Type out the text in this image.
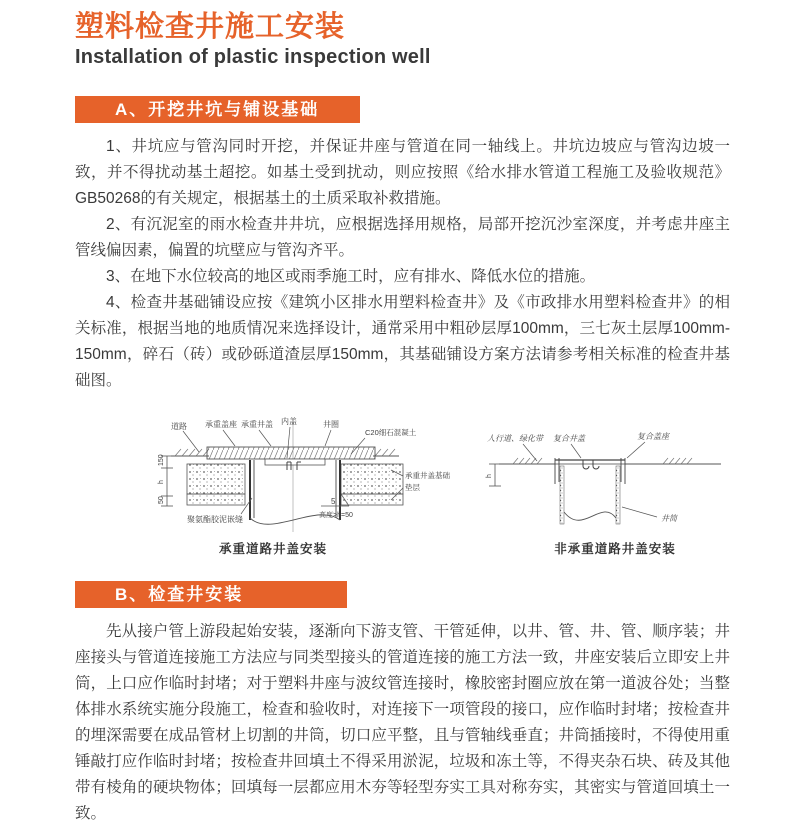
塑料检查井施工安装
Installation of plastic inspection well
A、开挖井坑与铺设基础

1、井坑应与管沟同时开挖，并保证井座与管道在同一轴线上。井坑边坡应与管沟边坡一致，并不得扰动基土超挖。如基土受到扰动，则应按照《给水排水管道工程施工及验收规范》GB50268的有关规定，根据基土的土质采取补救措施。

2、有沉泥室的雨水检查井井坑，应根据选择用规格，局部开挖沉沙室深度，并考虑井座主管线偏因素，偏置的坑壁应与管沟齐平。

3、在地下水位较高的地区或雨季施工时，应有排水、降低水位的措施。

4、检查井基础铺设应按《建筑小区排水用塑料检查井》及《市政排水用塑料检查井》的相关标准，根据当地的地质情况来选择设计，通常采用中粗砂层厚100mm，三七灰土层厚100mm-150mm，碎石（砖）或砂砾道渣层厚150mm，其基础铺设方案方法请参考相关标准的检查井基础图。

150
h
50
道路 承重盖座 承重井盖 内盖	井圈
C20细石混凝土
承重井盖基础
垫层
聚氨酯胶泥嵌缝
5
高度>h=50
承重道路井盖安装
h
人行道、绿化带 复合井盖	复合盖座
井筒
非承重道路井盖安装
B、检查井安装

先从接户管上游段起始安装，逐渐向下游支管、干管延伸，以井、管、井、管、顺序装；井座接头与管道连接施工方法应与同类型接头的管道连接的施工方法一致，井座安装后立即安上井筒，上口应作临时封堵；对于塑料井座与波纹管连接时，橡胶密封圈应放在第一道波谷处；当整体排水系统实施分段施工，检查和验收时，对连接下一项管段的接口，应作临时封堵；按检查井的埋深需要在成品管材上切割的井筒，切口应平整，且与管轴线垂直；井筒插接时，不得使用重锤敲打应作临时封堵；按检查井回填土不得采用淤泥，垃圾和冻土等，不得夹杂石块、砖及其他带有棱角的硬块物体；回填每一层都应用木夯等轻型夯实工具对称夯实，其密实与管道回填土一致。
